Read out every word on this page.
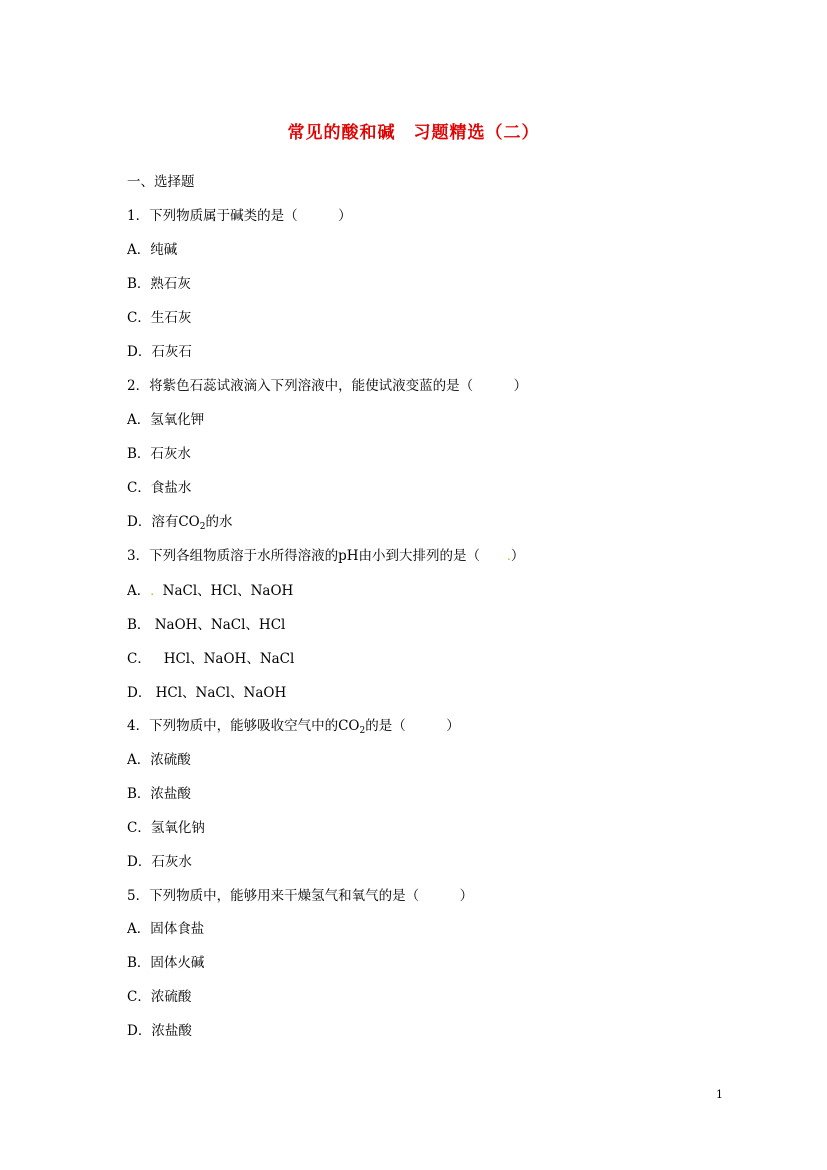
常见的酸和碱　习题精选（二）
一、选择题
1．下列物质属于碱类的是（　　　）
A．纯碱
B．熟石灰
C．生石灰
D．石灰石
2．将紫色石蕊试液滴入下列溶液中，能使试液变蓝的是（　　　）
A．氢氧化钾
B．石灰水
C．食盐水
D．溶有$CO_2$的水
3．下列各组物质溶于水所得溶液的pH由小到大排列的是（　　.）
A．.  NaCl、HCl、NaOH
B． NaOH、NaCl、HCl
C．   HCl、NaOH、NaCl
D． HCl、NaCl、NaOH
4．下列物质中，能够吸收空气中的$CO_2$的是（　　　）
A．浓硫酸
B．浓盐酸
C．氢氧化钠
D．石灰水
5．下列物质中，能够用来干燥氢气和氧气的是（　　　）
A．固体食盐
B．固体火碱
C．浓硫酸
D．浓盐酸
1
